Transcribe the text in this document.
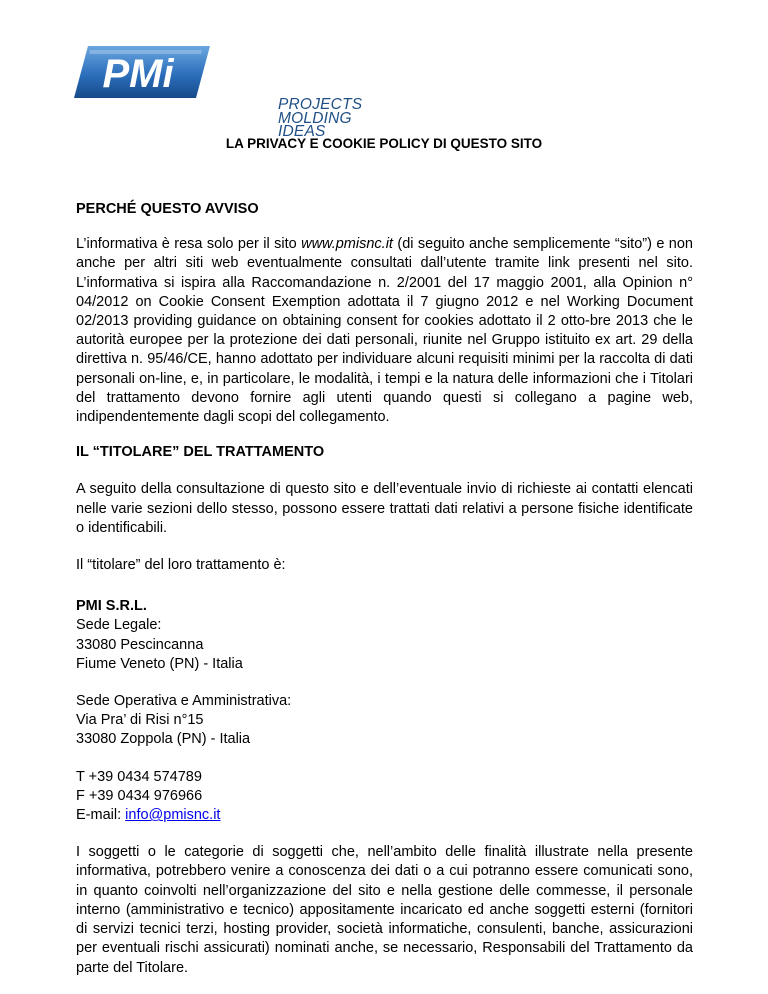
PMi
PROJECTS
MOLDING
IDEAS
LA PRIVACY E COOKIE POLICY DI QUESTO SITO
PERCHÉ QUESTO AVVISO

L’informativa è resa solo per il sito www.pmisnc.it (di seguito anche semplicemente “sito”) e non anche per altri siti web eventualmente consultati dall’utente tramite link presenti nel sito. L’informativa si ispira alla Raccomandazione n. 2/2001 del 17 maggio 2001, alla Opinion n° 04/2012 on Cookie Consent Exemption adottata il 7 giugno 2012 e nel Working Document 02/2013 providing guidance on obtaining consent for cookies adottato il 2 otto-bre 2013 che le autorità europee per la protezione dei dati personali, riunite nel Gruppo istituito ex art. 29 della direttiva n. 95/46/CE, hanno adottato per individuare alcuni requisiti minimi per la raccolta di dati personali on-line, e, in particolare, le modalità, i tempi e la natura delle informazioni che i Titolari del trattamento devono fornire agli utenti quando questi si collegano a pagine web, indipendentemente dagli scopi del collegamento.

IL “TITOLARE” DEL TRATTAMENTO

A seguito della consultazione di questo sito e dell’eventuale invio di richieste ai contatti elencati nelle varie sezioni dello stesso, possono essere trattati dati relativi a persone fisiche identificate o identificabili.

Il “titolare” del loro trattamento è:

PMI S.R.L.
Sede Legale:
33080 Pescincanna
Fiume Veneto (PN) - Italia
Sede Operativa e Amministrativa:
Via Pra’ di Risi n°15
33080 Zoppola (PN) - Italia
T +39 0434 574789
F +39 0434 976966
E-mail: info@pmisnc.it

I soggetti o le categorie di soggetti che, nell’ambito delle finalità illustrate nella presente informativa, potrebbero venire a conoscenza dei dati o a cui potranno essere comunicati sono, in quanto coinvolti nell’organizzazione del sito e nella gestione delle commesse, il personale interno (amministrativo e tecnico) appositamente incaricato ed anche soggetti esterni (fornitori di servizi tecnici terzi, hosting provider, società informatiche, consulenti, banche, assicurazioni per eventuali rischi assicurati) nominati anche, se necessario, Responsabili del Trattamento da parte del Titolare.
